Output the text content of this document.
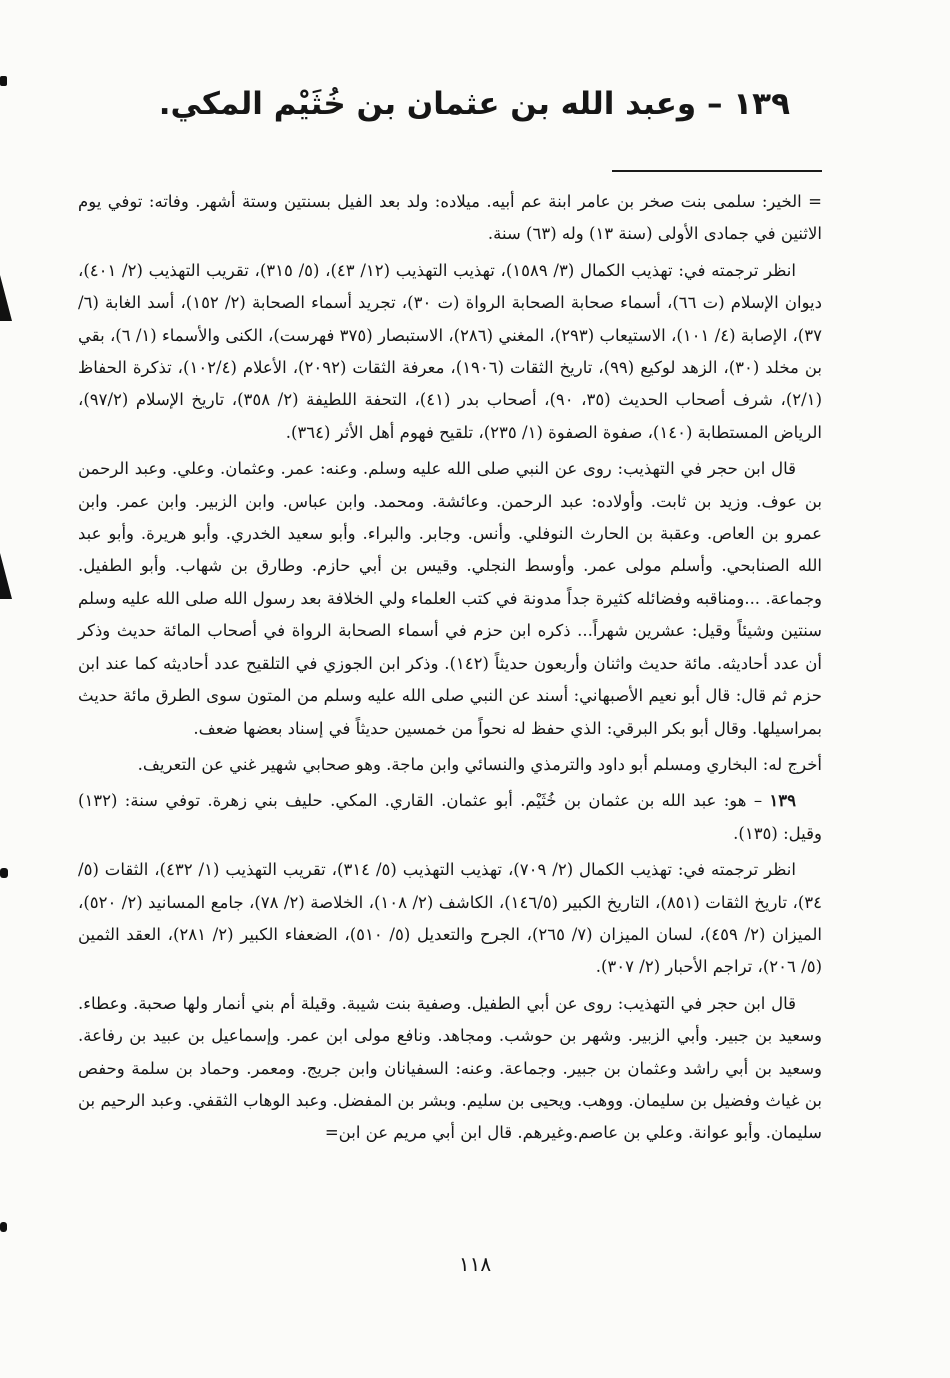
١٣٩ – وعبد الله بن عثمان بن خُثَيْم المكي.

= الخير: سلمى بنت صخر بن عامر ابنة عم أبيه. ميلاده: ولد بعد الفيل بسنتين وستة أشهر. وفاته: توفي يوم الاثنين في جمادى الأولى (سنة ١٣) وله (٦٣) سنة.

انظر ترجمته في: تهذيب الكمال (٣/ ١٥٨٩)، تهذيب التهذيب (١٢/ ٤٣)، (٥/ ٣١٥)، تقريب التهذيب (٢/ ٤٠١)، ديوان الإسلام (ت ٦٦)، أسماء صحابة الصحابة الرواة (ت ٣٠)، تجريد أسماء الصحابة (٢/ ١٥٢)، أسد الغابة (٦/ ٣٧)، الإصابة (٤/ ١٠١)، الاستيعاب (٢٩٣)، المغني (٢٨٦)، الاستبصار (٣٧٥ فهرست)، الكنى والأسماء (١/ ٦)، بقي بن مخلد (٣٠)، الزهد لوكيع (٩٩)، تاريخ الثقات (١٩٠٦)، معرفة الثقات (٢٠٩٢)، الأعلام (١٠٢/٤)، تذكرة الحفاظ (٢/١)، شرف أصحاب الحديث (٣٥، ٩٠)، أصحاب بدر (٤١)، التحفة اللطيفة (٢/ ٣٥٨)، تاريخ الإسلام (٩٧/٢)، الرياض المستطابة (١٤٠)، صفوة الصفوة (١/ ٢٣٥)، تلقيح فهوم أهل الأثر (٣٦٤).

قال ابن حجر في التهذيب: روى عن النبي صلى الله عليه وسلم. وعنه: عمر. وعثمان. وعلي. وعبد الرحمن بن عوف. وزيد بن ثابت. وأولاده: عبد الرحمن. وعائشة. ومحمد. وابن عباس. وابن الزبير. وابن عمر. وابن عمرو بن العاص. وعقبة بن الحارث النوفلي. وأنس. وجابر. والبراء. وأبو سعيد الخدري. وأبو هريرة. وأبو عبد الله الصنابحي. وأسلم مولى عمر. وأوسط النجلي. وقيس بن أبي حازم. وطارق بن شهاب. وأبو الطفيل. وجماعة. ...ومناقبه وفضائله كثيرة جداً مدونة في كتب العلماء ولي الخلافة بعد رسول الله صلى الله عليه وسلم سنتين وشيئاً وقيل: عشرين شهراً... ذكره ابن حزم في أسماء الصحابة الرواة في أصحاب المائة حديث وذكر أن عدد أحاديثه. مائة حديث واثنان وأربعون حديثاً (١٤٢). وذكر ابن الجوزي في التلقيح عدد أحاديثه كما عند ابن حزم ثم قال: قال أبو نعيم الأصبهاني: أسند عن النبي صلى الله عليه وسلم من المتون سوى الطرق مائة حديث بمراسيلها. وقال أبو بكر البرقي: الذي حفظ له نحواً من خمسين حديثاً في إسناد بعضها ضعف.

أخرج له: البخاري ومسلم أبو داود والترمذي والنسائي وابن ماجة. وهو صحابي شهير غني عن التعريف.

١٣٩ – هو: عبد الله بن عثمان بن خُثَيْم. أبو عثمان. القاري. المكي. حليف بني زهرة. توفي سنة: (١٣٢) وقيل: (١٣٥).

انظر ترجمته في: تهذيب الكمال (٢/ ٧٠٩)، تهذيب التهذيب (٥/ ٣١٤)، تقريب التهذيب (١/ ٤٣٢)، الثقات (٥/ ٣٤)، تاريخ الثقات (٨٥١)، التاريخ الكبير (١٤٦/٥)، الكاشف (٢/ ١٠٨)، الخلاصة (٢/ ٧٨)، جامع المسانيد (٢/ ٥٢٠)، الميزان (٢/ ٤٥٩)، لسان الميزان (٧/ ٢٦٥)، الجرح والتعديل (٥/ ٥١٠)، الضعفاء الكبير (٢/ ٢٨١)، العقد الثمين (٥/ ٢٠٦)، تراجم الأحبار (٢/ ٣٠٧).

قال ابن حجر في التهذيب: روى عن أبي الطفيل. وصفية بنت شيبة. وقيلة أم بني أنمار ولها صحبة. وعطاء. وسعيد بن جبير. وأبي الزبير. وشهر بن حوشب. ومجاهد. ونافع مولى ابن عمر. وإسماعيل بن عبيد بن رفاعة. وسعيد بن أبي راشد وعثمان بن جبير. وجماعة. وعنه: السفيانان وابن جريج. ومعمر. وحماد بن سلمة وحفص بن غياث وفضيل بن سليمان. ووهب. ويحيى بن سليم. وبشر بن المفضل. وعبد الوهاب الثقفي. وعبد الرحيم بن سليمان. وأبو عوانة. وعلي بن عاصم.وغيرهم. قال ابن أبي مريم عن ابن=

١١٨
